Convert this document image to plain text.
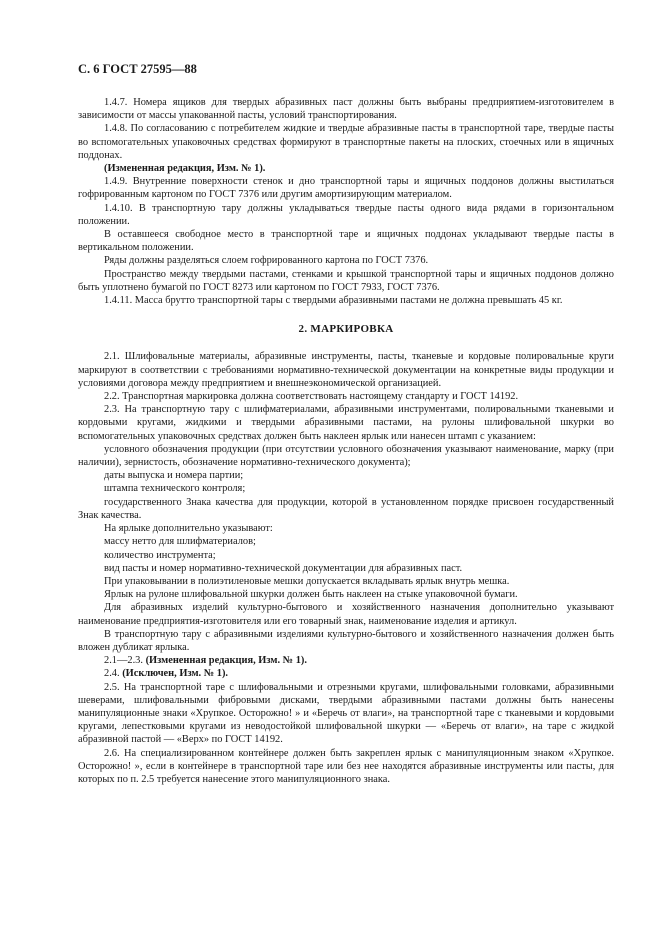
С. 6 ГОСТ 27595—88

1.4.7. Номера ящиков для твердых абразивных паст должны быть выбраны предприятием-изготовителем в зависимости от массы упакованной пасты, условий транспортирования.

1.4.8. По согласованию с потребителем жидкие и твердые абразивные пасты в транспортной таре, твердые пасты во вспомогательных упаковочных средствах формируют в транспортные пакеты на плоских, стоечных или в ящичных поддонах.

(Измененная редакция, Изм. № 1).

1.4.9. Внутренние поверхности стенок и дно транспортной тары и ящичных поддонов должны выстилаться гофрированным картоном по ГОСТ 7376 или другим амортизирующим материалом.

1.4.10. В транспортную тару должны укладываться твердые пасты одного вида рядами в горизонтальном положении.

В оставшееся свободное место в транспортной таре и ящичных поддонах укладывают твердые пасты в вертикальном положении.

Ряды должны разделяться слоем гофрированного картона по ГОСТ 7376.

Пространство между твердыми пастами, стенками и крышкой транспортной тары и ящичных поддонов должно быть уплотнено бумагой по ГОСТ 8273 или картоном по ГОСТ 7933, ГОСТ 7376.

1.4.11. Масса брутто транспортной тары с твердыми абразивными пастами не должна превышать 45 кг.

2. МАРКИРОВКА

2.1. Шлифовальные материалы, абразивные инструменты, пасты, тканевые и кордовые полировальные круги маркируют в соответствии с требованиями нормативно-технической документации на конкретные виды продукции и условиями договора между предприятием и внешнеэкономической организацией.

2.2. Транспортная маркировка должна соответствовать настоящему стандарту и ГОСТ 14192.

2.3. На транспортную тару с шлифматериалами, абразивными инструментами, полировальными тканевыми и кордовыми кругами, жидкими и твердыми абразивными пастами, на рулоны шлифовальной шкурки во вспомогательных упаковочных средствах должен быть наклеен ярлык или нанесен штамп с указанием:

условного обозначения продукции (при отсутствии условного обозначения указывают наименование, марку (при наличии), зернистость, обозначение нормативно-технического документа);

даты выпуска и номера партии;

штампа технического контроля;

государственного Знака качества для продукции, которой в установленном порядке присвоен государственный Знак качества.

На ярлыке дополнительно указывают:

массу нетто для шлифматериалов;

количество инструмента;

вид пасты и номер нормативно-технической документации для абразивных паст.

При упаковывании в полиэтиленовые мешки допускается вкладывать ярлык внутрь мешка.

Ярлык на рулоне шлифовальной шкурки должен быть наклеен на стыке упаковочной бумаги.

Для абразивных изделий культурно-бытового и хозяйственного назначения дополнительно указывают наименование предприятия-изготовителя или его товарный знак, наименование изделия и артикул.

В транспортную тару с абразивными изделиями культурно-бытового и хозяйственного назначения должен быть вложен дубликат ярлыка.

2.1—2.3. (Измененная редакция, Изм. № 1).

2.4. (Исключен, Изм. № 1).

2.5. На транспортной таре с шлифовальными и отрезными кругами, шлифовальными головками, абразивными шеверами, шлифовальными фибровыми дисками, твердыми абразивными пастами должны быть нанесены манипуляционные знаки «Хрупкое. Осторожно! » и «Беречь от влаги», на транспортной таре с тканевыми и кордовыми кругами, лепестковыми кругами из неводостойкой шлифовальной шкурки — «Беречь от влаги», на таре с жидкой абразивной пастой — «Верх» по ГОСТ 14192.

2.6. На специализированном контейнере должен быть закреплен ярлык с манипуляционным знаком «Хрупкое. Осторожно! », если в контейнере в транспортной таре или без нее находятся абразивные инструменты или пасты, для которых по п. 2.5 требуется нанесение этого манипуляционного знака.
